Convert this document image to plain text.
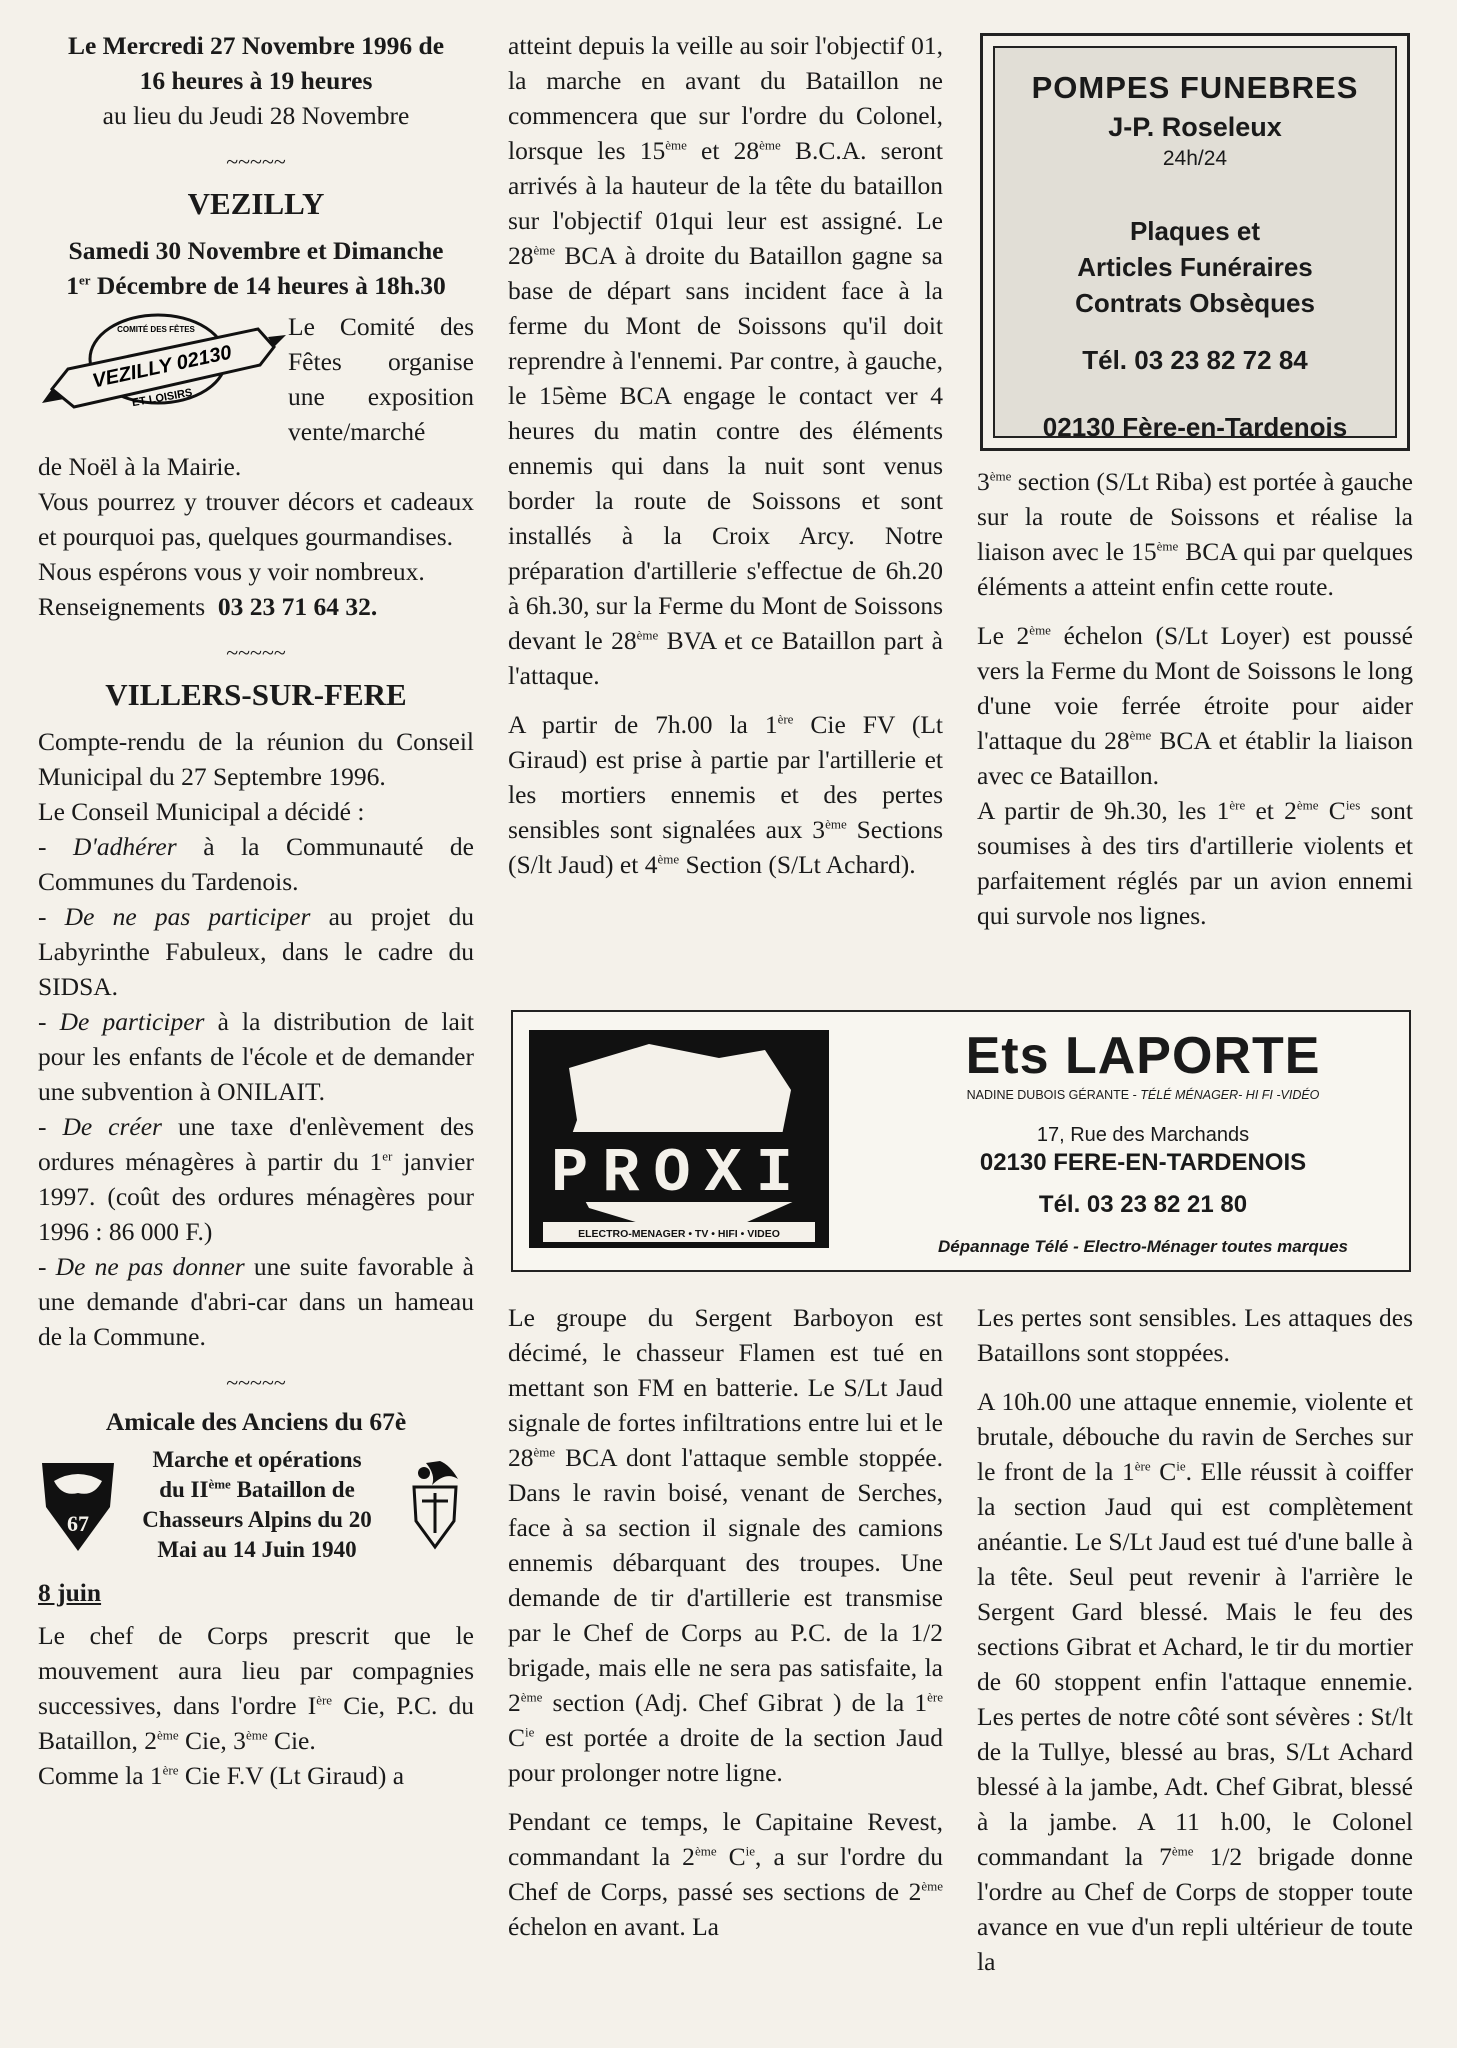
Le Mercredi 27 Novembre 1996 de

16 heures à 19 heures

au lieu du Jeudi 28 Novembre

~~~~~
VEZILLY

Samedi 30 Novembre et Dimanche

1er Décembre de 14 heures à 18h.30

COMITÉ DES FÊTES
VEZILLY 02130
ET LOISIRS

Le Comité des Fêtes organise une exposition vente/marché

de Noël à la Mairie.

Vous pourrez y trouver décors et cadeaux et pourquoi pas, quelques gourmandises.

Nous espérons vous y voir nombreux.

Renseignements 03 23 71 64 32.

~~~~~
VILLERS-SUR-FERE

Compte-rendu de la réunion du Conseil Municipal du 27 Septembre 1996.

Le Conseil Municipal a décidé :

- D'adhérer à la Communauté de Communes du Tardenois.

- De ne pas participer au projet du Labyrinthe Fabuleux, dans le cadre du SIDSA.

- De participer à la distribution de lait pour les enfants de l'école et de demander une subvention à ONILAIT.

- De créer une taxe d'enlèvement des ordures ménagères à partir du 1er janvier 1997. (coût des ordures ménagères pour 1996 : 86 000 F.)

- De ne pas donner une suite favorable à une demande d'abri-car dans un hameau de la Commune.

~~~~~

Amicale des Anciens du 67è

67
Marche et opérations
du IIème Bataillon de
Chasseurs Alpins du 20
Mai au 14 Juin 1940

8 juin

Le chef de Corps prescrit que le mouvement aura lieu par compagnies successives, dans l'ordre Ière Cie, P.C. du Bataillon, 2ème Cie, 3ème Cie.

Comme la 1ère Cie F.V (Lt Giraud) a

atteint depuis la veille au soir l'objectif 01, la marche en avant du Bataillon ne commencera que sur l'ordre du Colonel, lorsque les 15ème et 28ème B.C.A. seront arrivés à la hauteur de la tête du bataillon sur l'objectif 01qui leur est assigné. Le 28ème BCA à droite du Bataillon gagne sa base de départ sans incident face à la ferme du Mont de Soissons qu'il doit reprendre à l'ennemi. Par contre, à gauche, le 15ème BCA engage le contact ver 4 heures du matin contre des éléments ennemis qui dans la nuit sont venus border la route de Soissons et sont installés à la Croix Arcy. Notre préparation d'artillerie s'effectue de 6h.20 à 6h.30, sur la Ferme du Mont de Soissons devant le 28ème BVA et ce Bataillon part à l'attaque.

A partir de 7h.00 la 1ère Cie FV (Lt Giraud) est prise à partie par l'artillerie et les mortiers ennemis et des pertes sensibles sont signalées aux 3ème Sections (S/lt Jaud) et 4ème Section (S/Lt Achard).

POMPES FUNEBRES
J-P. Roseleux
24h/24
Plaques et
Articles Funéraires
Contrats Obsèques
Tél. 03 23 82 72 84
02130 Fère-en-Tardenois

3ème section (S/Lt Riba) est portée à gauche sur la route de Soissons et réalise la liaison avec le 15ème BCA qui par quelques éléments a atteint enfin cette route.

Le 2ème échelon (S/Lt Loyer) est poussé vers la Ferme du Mont de Soissons le long d'une voie ferrée étroite pour aider l'attaque du 28ème BCA et établir la liaison avec ce Bataillon.

A partir de 9h.30, les 1ère et 2ème $C^{ies}$ sont soumises à des tirs d'artillerie violents et parfaitement réglés par un avion ennemi qui survole nos lignes.

PROXI
CONFORT
ELECTRO-MENAGER • TV • HIFI • VIDEO
Ets LAPORTE
NADINE DUBOIS GÉRANTE - TÉLÉ MÉNAGER- HI FI -VIDÉO
17, Rue des Marchands
02130 FERE-EN-TARDENOIS
Tél. 03 23 82 21 80
Dépannage Télé - Electro-Ménager toutes marques

Le groupe du Sergent Barboyon est décimé, le chasseur Flamen est tué en mettant son FM en batterie. Le S/Lt Jaud signale de fortes infiltrations entre lui et le 28ème BCA dont l'attaque semble stoppée. Dans le ravin boisé, venant de Serches, face à sa section il signale des camions ennemis débarquant des troupes. Une demande de tir d'artillerie est transmise par le Chef de Corps au P.C. de la 1/2 brigade, mais elle ne sera pas satisfaite, la 2ème section (Adj. Chef Gibrat ) de la 1ère $C^{ie}$ est portée a droite de la section Jaud pour prolonger notre ligne.

Pendant ce temps, le Capitaine Revest, commandant la 2ème $C^{ie}$, a sur l'ordre du Chef de Corps, passé ses sections de 2ème échelon en avant. La

Les pertes sont sensibles. Les attaques des Bataillons sont stoppées.

A 10h.00 une attaque ennemie, violente et brutale, débouche du ravin de Serches sur le front de la 1ère $C^{ie}$. Elle réussit à coiffer la section Jaud qui est complètement anéantie. Le S/Lt Jaud est tué d'une balle à la tête. Seul peut revenir à l'arrière le Sergent Gard blessé. Mais le feu des sections Gibrat et Achard, le tir du mortier de 60 stoppent enfin l'attaque ennemie. Les pertes de notre côté sont sévères : St/lt de la Tullye, blessé au bras, S/Lt Achard blessé à la jambe, Adt. Chef Gibrat, blessé à la jambe. A 11 h.00, le Colonel commandant la 7ème 1/2 brigade donne l'ordre au Chef de Corps de stopper toute avance en vue d'un repli ultérieur de toute la
